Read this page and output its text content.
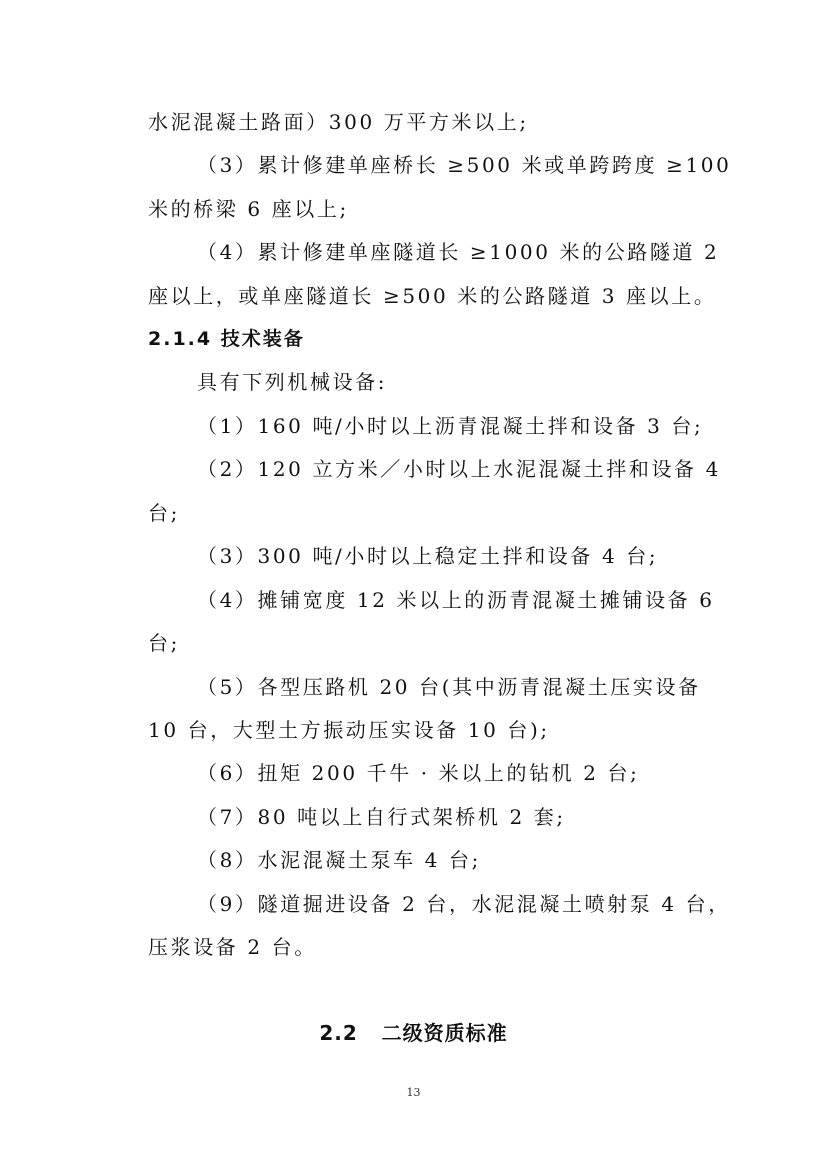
水泥混凝土路面）300 万平方米以上;
（3）累计修建单座桥长 ≥500 米或单跨跨度 ≥100
米的桥梁 6 座以上;
（4）累计修建单座隧道长 ≥1000 米的公路隧道 2
座以上，或单座隧道长 ≥500 米的公路隧道 3 座以上。
2.1.4 技术装备
具有下列机械设备:
（1）160 吨/小时以上沥青混凝土拌和设备 3 台;
（2）120 立方米／小时以上水泥混凝土拌和设备 4
台;
（3）300 吨/小时以上稳定土拌和设备 4 台;
（4）摊铺宽度 12 米以上的沥青混凝土摊铺设备 6
台;
（5）各型压路机 20 台(其中沥青混凝土压实设备
10 台，大型土方振动压实设备 10 台);
（6）扭矩 200 千牛 · 米以上的钻机 2 台;
（7）80 吨以上自行式架桥机 2 套;
（8）水泥混凝土泵车 4 台;
（9）隧道掘进设备 2 台，水泥混凝土喷射泵 4 台，
压浆设备 2 台。
2.2   二级资质标准
13
